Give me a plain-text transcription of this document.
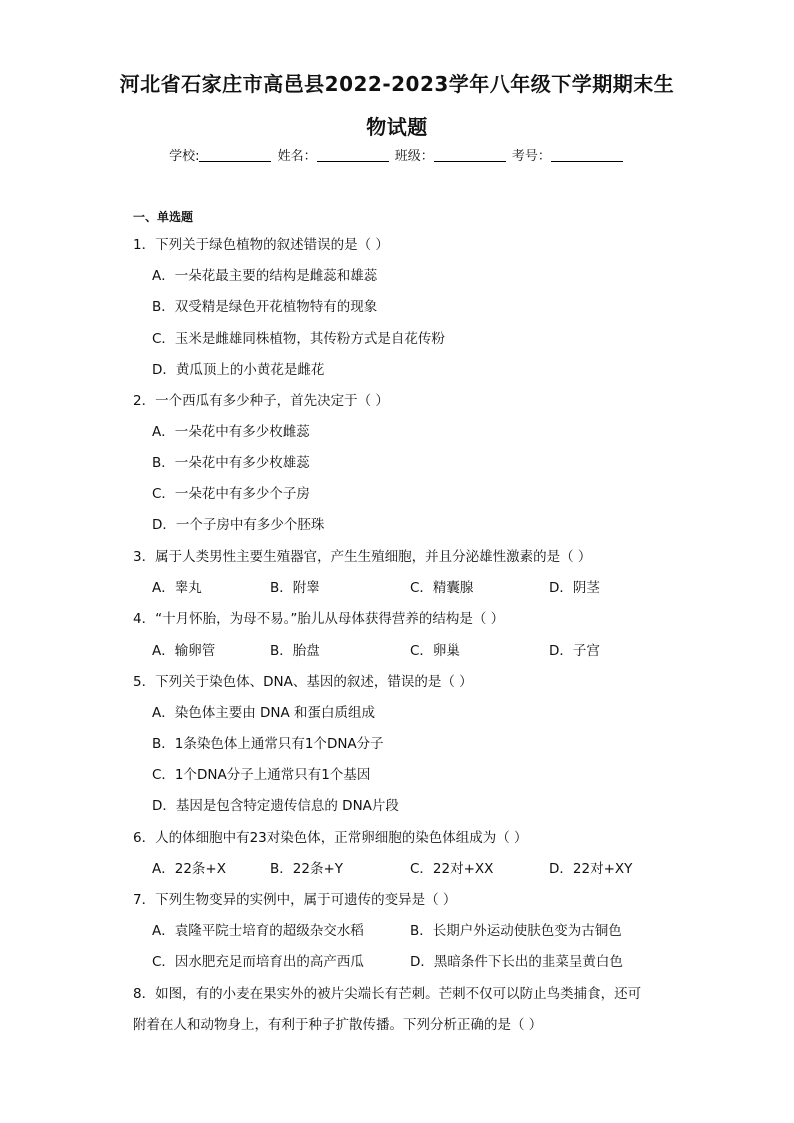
河北省石家庄市高邑县2022-2023学年八年级下学期期末生
物试题
学校:	姓名：	班级：	考号：
一、单选题
1．下列关于绿色植物的叙述错误的是（ ）
A．一朵花最主要的结构是雌蕊和雄蕊
B．双受精是绿色开花植物特有的现象
C．玉米是雌雄同株植物，其传粉方式是自花传粉
D．黄瓜顶上的小黄花是雌花
2．一个西瓜有多少种子，首先决定于（ ）
A．一朵花中有多少枚雌蕊
B．一朵花中有多少枚雄蕊
C．一朵花中有多少个子房
D．一个子房中有多少个胚珠
3．属于人类男性主要生殖器官，产生生殖细胞，并且分泌雄性激素的是（ ）
A．睾丸	B．附睾	C．精囊腺	D．阴茎
4．“十月怀胎，为母不易。”胎儿从母体获得营养的结构是（ ）
A．输卵管	B．胎盘	C．卵巢	D．子宫
5．下列关于染色体、DNA、基因的叙述，错误的是（ ）
A．染色体主要由 DNA 和蛋白质组成
B．1条染色体上通常只有1个DNA分子
C．1个DNA分子上通常只有1个基因
D．基因是包含特定遗传信息的 DNA片段
6．人的体细胞中有23对染色体，正常卵细胞的染色体组成为（ ）
A．22条+X	B．22条+Y	C．22对+XX	D．22对+XY
7．下列生物变异的实例中，属于可遗传的变异是（ ）
A．袁隆平院士培育的超级杂交水稻	B．长期户外运动使肤色变为古铜色
C．因水肥充足而培育出的高产西瓜	D．黑暗条件下长出的韭菜呈黄白色
8．如图，有的小麦在果实外的被片尖端长有芒刺。芒刺不仅可以防止鸟类捕食，还可
附着在人和动物身上，有利于种子扩散传播。下列分析正确的是（ ）
